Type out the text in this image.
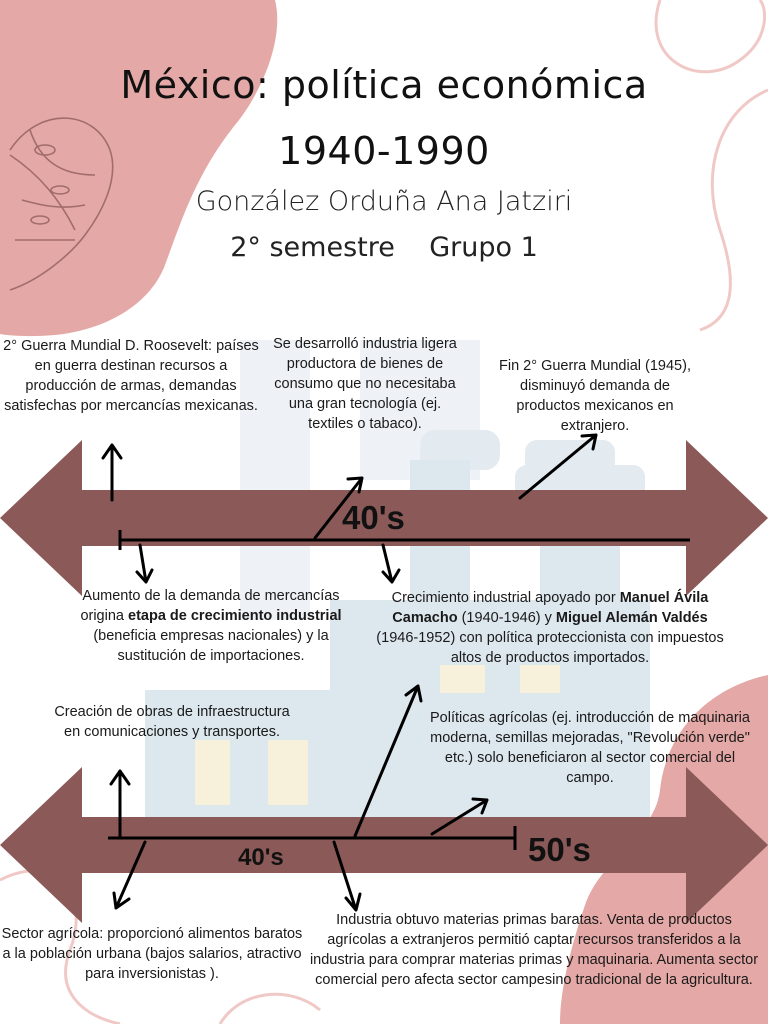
México: política económica 1940-1990
González Orduña Ana Jatziri
2° semestre Grupo 1
40's
2° Guerra Mundial D. Roosevelt: países en guerra destinan recursos a producción de armas, demandas satisfechas por mercancías mexicanas.
Se desarrolló industria ligera productora de bienes de consumo que no necesitaba una gran tecnología (ej. textiles o tabaco).
Fin 2° Guerra Mundial (1945), disminuyó demanda de productos mexicanos en extranjero.
Aumento de la demanda de mercancías origina etapa de crecimiento industrial (beneficia empresas nacionales) y la sustitución de importaciones.
Crecimiento industrial apoyado por Manuel Ávila Camacho (1940-1946) y Miguel Alemán Valdés (1946-1952) con política proteccionista con impuestos altos de productos importados.
40's	50's
Creación de obras de infraestructura en comunicaciones y transportes.
Políticas agrícolas (ej. introducción de maquinaria moderna, semillas mejoradas, "Revolución verde" etc.) solo beneficiaron al sector comercial del campo.
Sector agrícola: proporcionó alimentos baratos a la población urbana (bajos salarios, atractivo para inversionistas ).
Industria obtuvo materias primas baratas. Venta de productos agrícolas a extranjeros permitió captar recursos transferidos a la industria para comprar materias primas y maquinaria. Aumenta sector comercial pero afecta sector campesino tradicional de la agricultura.
